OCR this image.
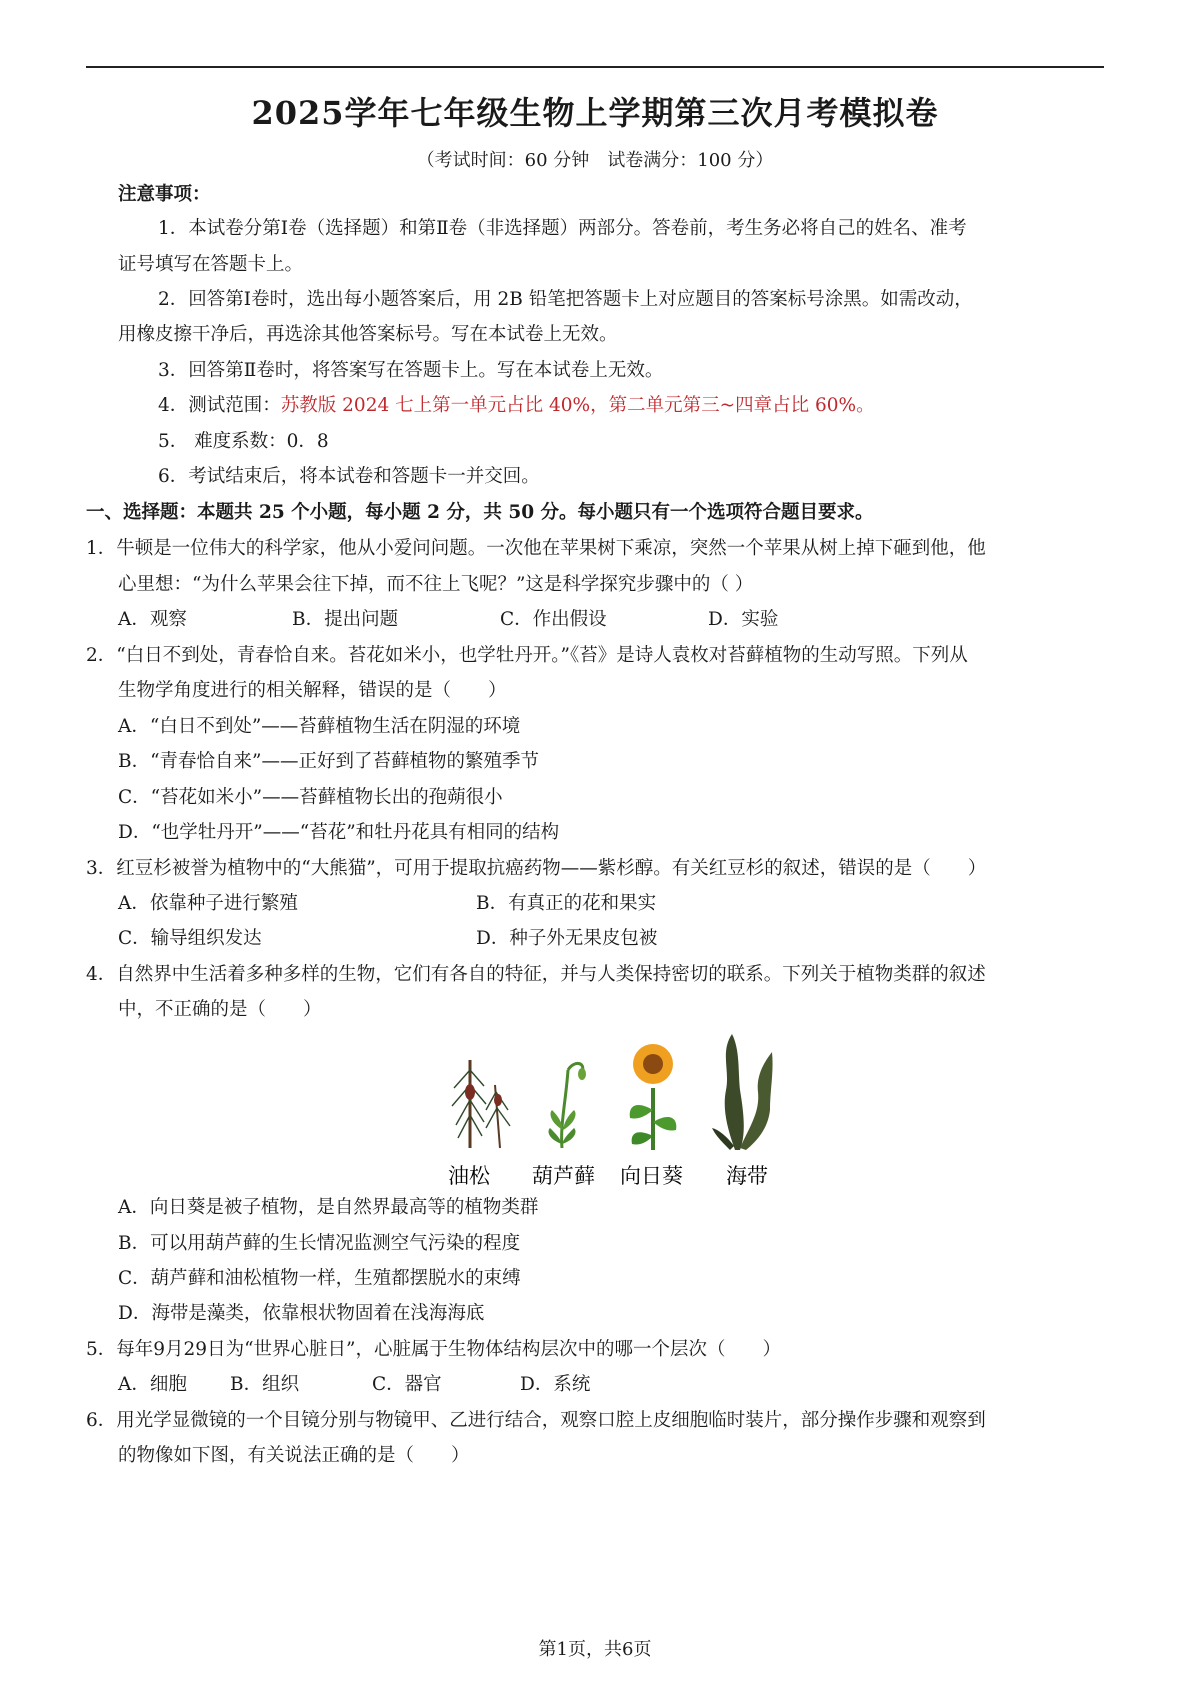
2025学年七年级生物上学期第三次月考模拟卷
（考试时间：60 分钟　试卷满分：100 分）
注意事项：
1．本试卷分第Ⅰ卷（选择题）和第Ⅱ卷（非选择题）两部分。答卷前，考生务必将自己的姓名、准考
证号填写在答题卡上。
2．回答第Ⅰ卷时，选出每小题答案后，用 2B 铅笔把答题卡上对应题目的答案标号涂黑。如需改动，
用橡皮擦干净后，再选涂其他答案标号。写在本试卷上无效。
3．回答第Ⅱ卷时，将答案写在答题卡上。写在本试卷上无效。
4．测试范围：苏教版 2024 七上第一单元占比 40%，第二单元第三~四章占比 60%。
5． 难度系数：0．8
6．考试结束后，将本试卷和答题卡一并交回。
一、选择题：本题共 25 个小题，每小题 2 分，共 50 分。每小题只有一个选项符合题目要求。
1．牛顿是一位伟大的科学家，他从小爱问问题。一次他在苹果树下乘凉，突然一个苹果从树上掉下砸到他，他
心里想：“为什么苹果会往下掉，而不往上飞呢？”这是科学探究步骤中的（ ）
A．观察	B．提出问题	C．作出假设	D．实验
2．“白日不到处，青春恰自来。苔花如米小，也学牡丹开。”《苔》是诗人袁枚对苔藓植物的生动写照。下列从
生物学角度进行的相关解释，错误的是（　　）
A．“白日不到处”——苔藓植物生活在阴湿的环境
B．“青春恰自来”——正好到了苔藓植物的繁殖季节
C．“苔花如米小”——苔藓植物长出的孢蒴很小
D．“也学牡丹开”——“苔花”和牡丹花具有相同的结构
3．红豆杉被誉为植物中的“大熊猫”，可用于提取抗癌药物——紫杉醇。有关红豆杉的叙述，错误的是（　　）
A．依靠种子进行繁殖	B．有真正的花和果实
C．输导组织发达	D．种子外无果皮包被
4．自然界中生活着多种多样的生物，它们有各自的特征，并与人类保持密切的联系。下列关于植物类群的叙述
中，不正确的是（　　）
油松 葫芦藓 向日葵 海带
A．向日葵是被子植物，是自然界最高等的植物类群
B．可以用葫芦藓的生长情况监测空气污染的程度
C．葫芦藓和油松植物一样，生殖都摆脱水的束缚
D．海带是藻类，依靠根状物固着在浅海海底
5．每年9月29日为“世界心脏日”，心脏属于生物体结构层次中的哪一个层次（　　）
A．细胞 B．组织	C．器官	D．系统
6．用光学显微镜的一个目镜分别与物镜甲、乙进行结合，观察口腔上皮细胞临时装片，部分操作步骤和观察到
的物像如下图，有关说法正确的是（　　）
第1页，共6页
